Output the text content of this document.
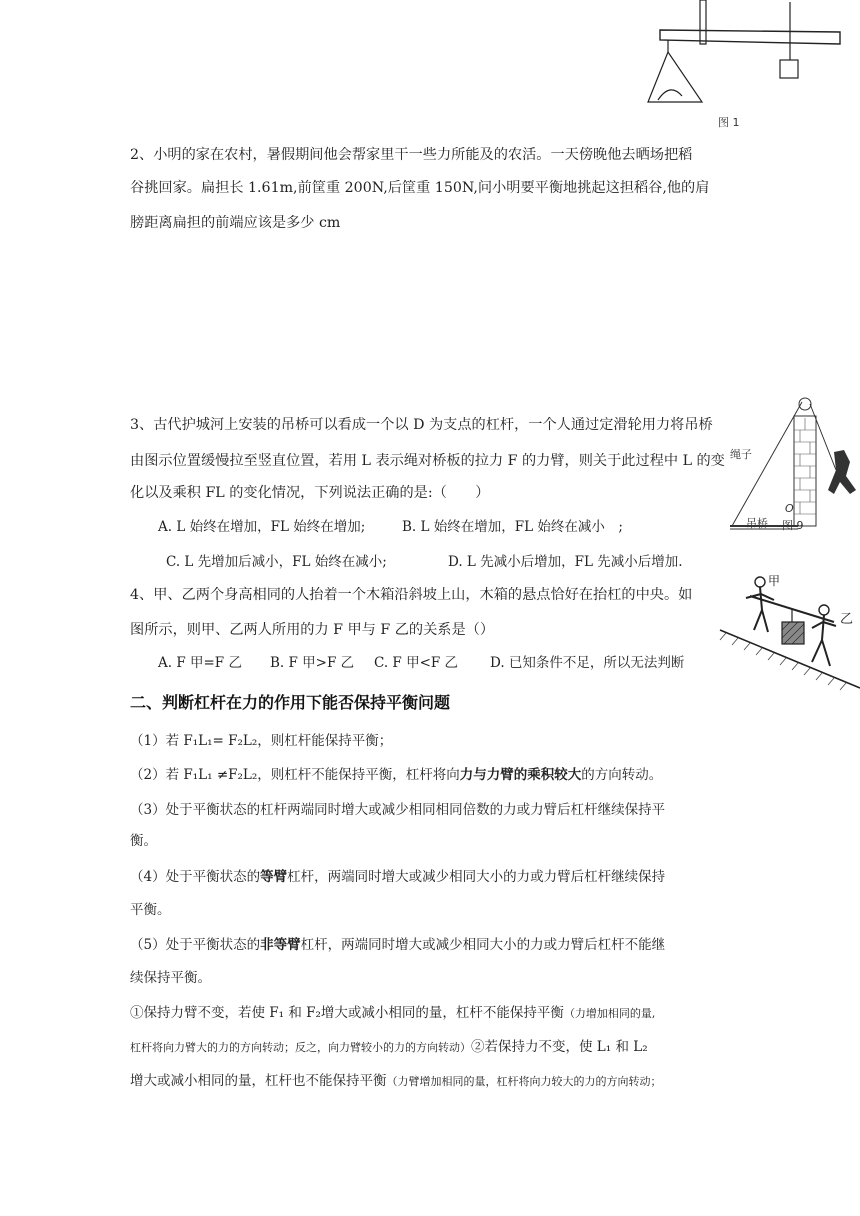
图 1
2、小明的家在农村，暑假期间他会帮家里干一些力所能及的农活。一天傍晚他去晒场把稻
谷挑回家。扁担长 1.61m,前筐重 200N,后筐重 150N,问小明要平衡地挑起这担稻谷,他的肩
膀距离扁担的前端应该是多少 cm
3、古代护城河上安装的吊桥可以看成一个以 D 为支点的杠杆，一个人通过定滑轮用力将吊桥
由图示位置缓慢拉至竖直位置，若用 L 表示绳对桥板的拉力 F 的力臂，则关于此过程中 L 的变
化以及乘积 FL 的变化情况，下列说法正确的是:（　　）
A. L 始终在增加，FL 始终在增加;	B. L 始终在增加，FL 始终在减小　;
C. L 先增加后减小，FL 始终在减小;	D. L 先减小后增加，FL 先减小后增加.
绳子
O
吊桥 图 9
4、甲、乙两个身高相同的人抬着一个木箱沿斜坡上山，木箱的悬点恰好在抬杠的中央。如
图所示，则甲、乙两人所用的力 F 甲与 F 乙的关系是（）
A. F 甲=F 乙 B. F 甲>F 乙 C. F 甲<F 乙 D. 已知条件不足，所以无法判断
甲
乙
二、判断杠杆在力的作用下能否保持平衡问题
（1）若 F₁L₁= F₂L₂，则杠杆能保持平衡；
（2）若 F₁L₁ ≠F₂L₂，则杠杆不能保持平衡，杠杆将向力与力臂的乘积较大的方向转动。
（3）处于平衡状态的杠杆两端同时增大或减少相同相同倍数的力或力臂后杠杆继续保持平
衡。
（4）处于平衡状态的等臂杠杆，两端同时增大或减少相同大小的力或力臂后杠杆继续保持
平衡。
（5）处于平衡状态的非等臂杠杆，两端同时增大或减少相同大小的力或力臂后杠杆不能继
续保持平衡。
①保持力臂不变，若使 F₁ 和 F₂增大或减小相同的量，杠杆不能保持平衡（力增加相同的量,
杠杆将向力臂大的力的方向转动；反之，向力臂较小的力的方向转动）②若保持力不变，使 L₁ 和 L₂
增大或减小相同的量，杠杆也不能保持平衡（力臂增加相同的量，杠杆将向力较大的力的方向转动；
